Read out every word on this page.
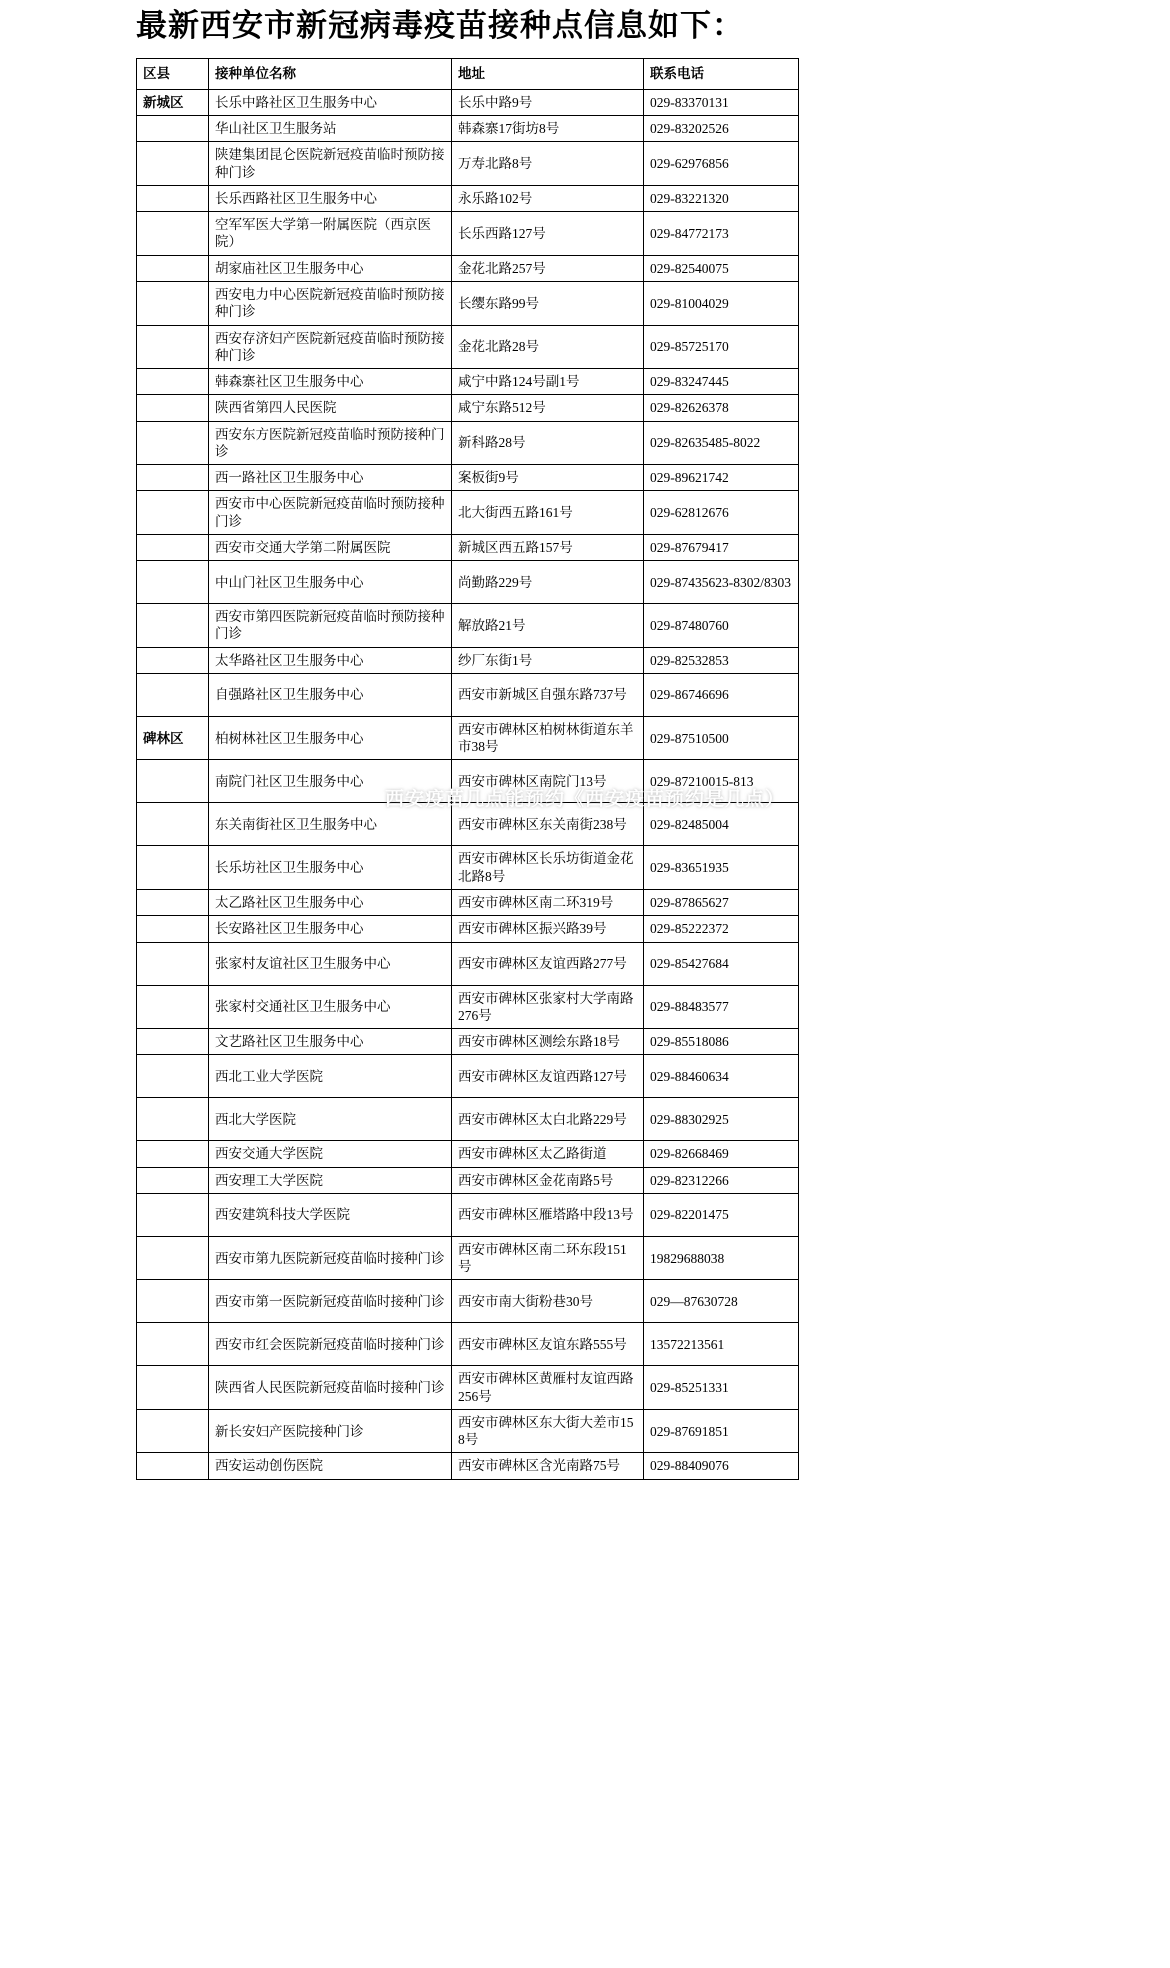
最新西安市新冠病毒疫苗接种点信息如下：
区县	接种单位名称	地址	联系电话
新城区	长乐中路社区卫生服务中心	长乐中路9号	029-83370131
	华山社区卫生服务站	韩森寨17街坊8号	029-83202526
	陕建集团昆仑医院新冠疫苗临时预防接种门诊	万寿北路8号	029-62976856
	长乐西路社区卫生服务中心	永乐路102号	029-83221320
	空军军医大学第一附属医院（西京医院）	长乐西路127号	029-84772173
	胡家庙社区卫生服务中心	金花北路257号	029-82540075
	西安电力中心医院新冠疫苗临时预防接种门诊	长缨东路99号	029-81004029
	西安存济妇产医院新冠疫苗临时预防接种门诊	金花北路28号	029-85725170
	韩森寨社区卫生服务中心	咸宁中路124号副1号	029-83247445
	陕西省第四人民医院	咸宁东路512号	029-82626378
	西安东方医院新冠疫苗临时预防接种门诊	新科路28号	029-82635485-8022
	西一路社区卫生服务中心	案板街9号	029-89621742
	西安市中心医院新冠疫苗临时预防接种门诊	北大街西五路161号	029-62812676
	西安市交通大学第二附属医院	新城区西五路157号	029-87679417
	中山门社区卫生服务中心	尚勤路229号	029-87435623-8302/8303
	西安市第四医院新冠疫苗临时预防接种门诊	解放路21号	029-87480760
	太华路社区卫生服务中心	纱厂东街1号	029-82532853
	自强路社区卫生服务中心	西安市新城区自强东路737号	029-86746696
碑林区	柏树林社区卫生服务中心	西安市碑林区柏树林街道东羊市38号	029-87510500
	南院门社区卫生服务中心	西安市碑林区南院门13号	029-87210015-813
	东关南街社区卫生服务中心	西安市碑林区东关南街238号	029-82485004
	长乐坊社区卫生服务中心	西安市碑林区长乐坊街道金花北路8号	029-83651935
	太乙路社区卫生服务中心	西安市碑林区南二环319号	029-87865627
	长安路社区卫生服务中心	西安市碑林区振兴路39号	029-85222372
	张家村友谊社区卫生服务中心	西安市碑林区友谊西路277号	029-85427684
	张家村交通社区卫生服务中心	西安市碑林区张家村大学南路276号	029-88483577
	文艺路社区卫生服务中心	西安市碑林区测绘东路18号	029-85518086
	西北工业大学医院	西安市碑林区友谊西路127号	029-88460634
	西北大学医院	西安市碑林区太白北路229号	029-88302925
	西安交通大学医院	西安市碑林区太乙路街道	029-82668469
	西安理工大学医院	西安市碑林区金花南路5号	029-82312266
	西安建筑科技大学医院	西安市碑林区雁塔路中段13号	029-82201475
	西安市第九医院新冠疫苗临时接种门诊	西安市碑林区南二环东段151号	19829688038
	西安市第一医院新冠疫苗临时接种门诊	西安市南大街粉巷30号	029—87630728
	西安市红会医院新冠疫苗临时接种门诊	西安市碑林区友谊东路555号	13572213561
	陕西省人民医院新冠疫苗临时接种门诊	西安市碑林区黄雁村友谊西路256号	029-85251331
	新长安妇产医院接种门诊	西安市碑林区东大街大差市158号	029-87691851
	西安运动创伤医院	西安市碑林区含光南路75号	029-88409076
西安疫苗几点能预约《西安疫苗预约是几点）
